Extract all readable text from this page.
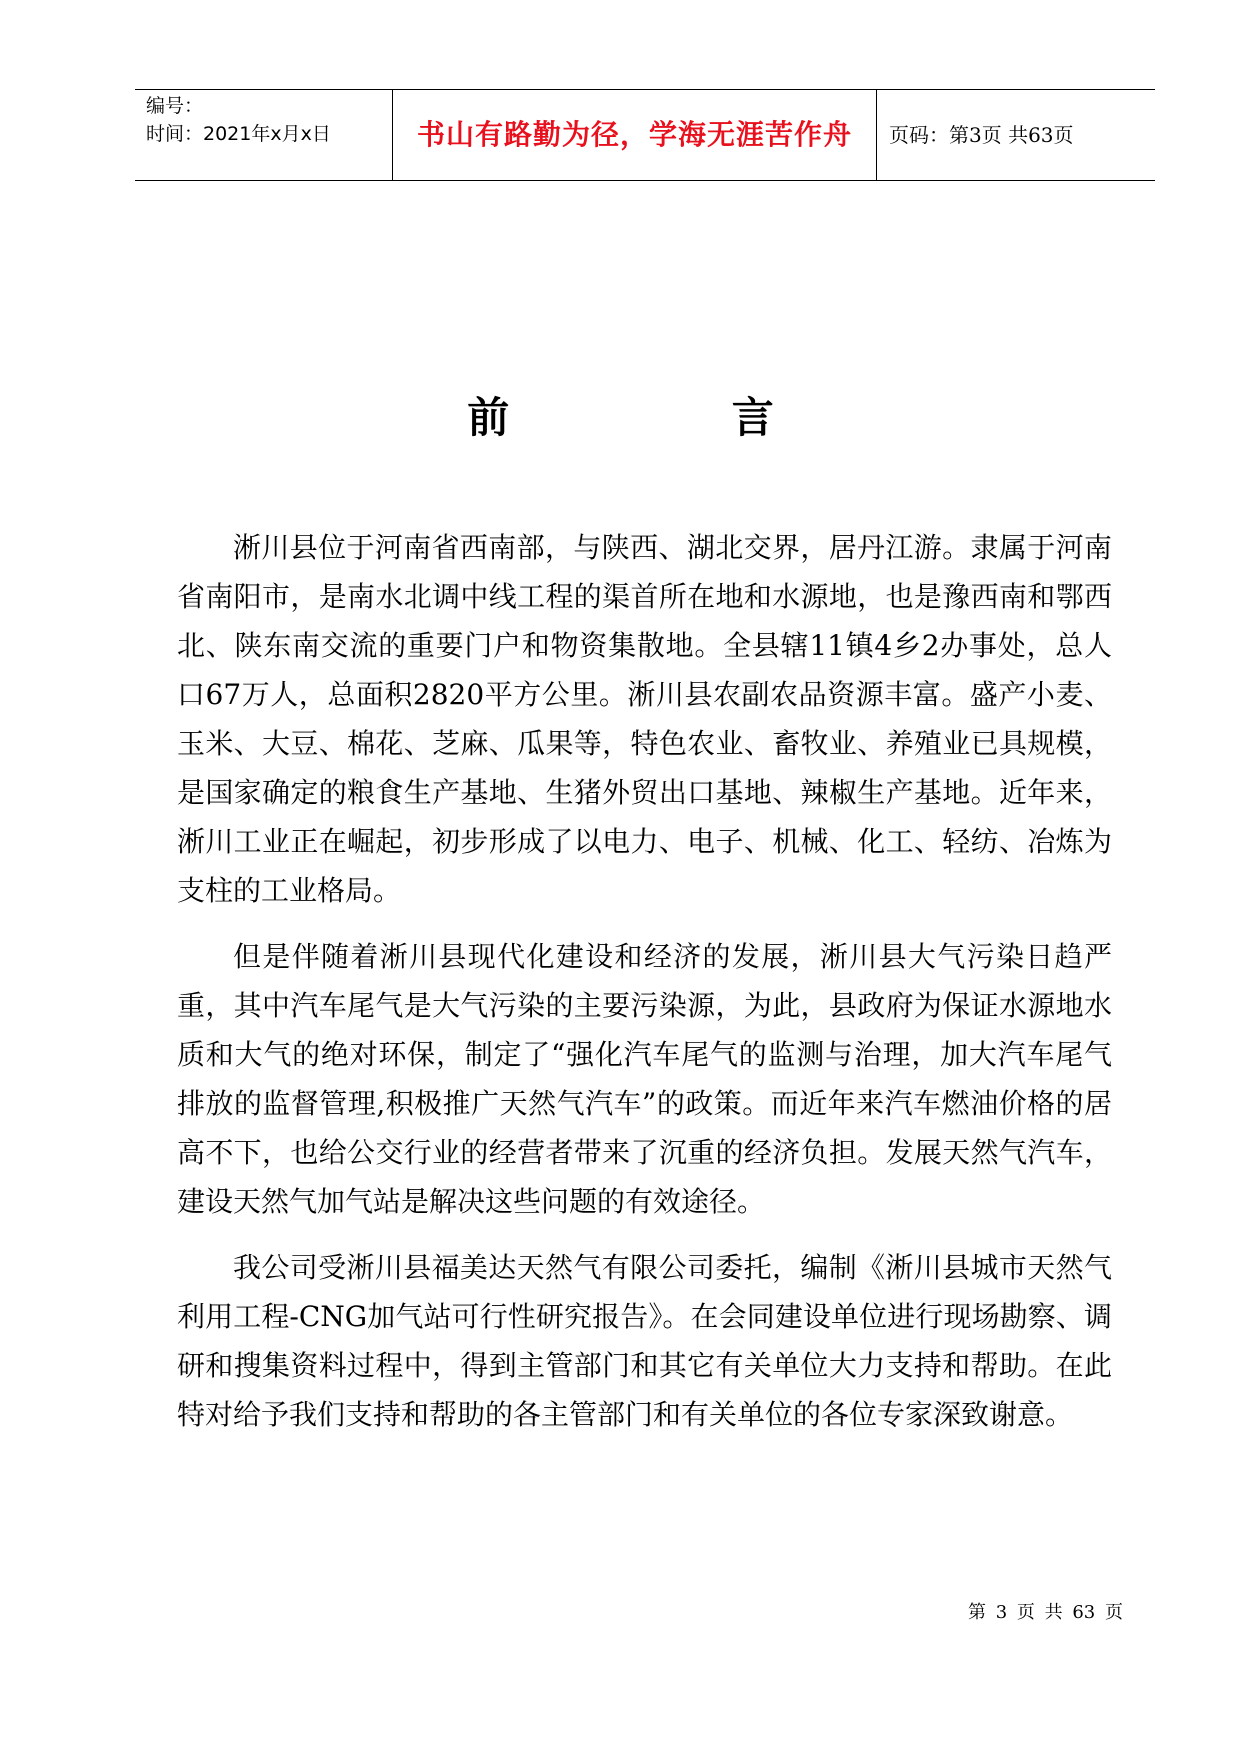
编号：
时间：2021年x月x日	书山有路勤为径，学海无涯苦作舟 页码：第3页 共63页
前 言

淅川县位于河南省西南部，与陕西、湖北交界，居丹江游。隶属于河南省南阳市，是南水北调中线工程的渠首所在地和水源地，也是豫西南和鄂西北、陕东南交流的重要门户和物资集散地。全县辖11镇4乡2办事处，总人口67万人，总面积2820平方公里。淅川县农副农品资源丰富。盛产小麦、玉米、大豆、棉花、芝麻、瓜果等，特色农业、畜牧业、养殖业已具规模，是国家确定的粮食生产基地、生猪外贸出口基地、辣椒生产基地。近年来，淅川工业正在崛起，初步形成了以电力、电子、机械、化工、轻纺、冶炼为支柱的工业格局。

但是伴随着淅川县现代化建设和经济的发展，淅川县大气污染日趋严重，其中汽车尾气是大气污染的主要污染源，为此，县政府为保证水源地水质和大气的绝对环保，制定了“强化汽车尾气的监测与治理，加大汽车尾气排放的监督管理,积极推广天然气汽车”的政策。而近年来汽车燃油价格的居高不下，也给公交行业的经营者带来了沉重的经济负担。发展天然气汽车，建设天然气加气站是解决这些问题的有效途径。

我公司受淅川县福美达天然气有限公司委托，编制《淅川县城市天然气利用工程-CNG加气站可行性研究报告》。在会同建设单位进行现场勘察、调研和搜集资料过程中，得到主管部门和其它有关单位大力支持和帮助。在此特对给予我们支持和帮助的各主管部门和有关单位的各位专家深致谢意。

第 3 页 共 63 页
